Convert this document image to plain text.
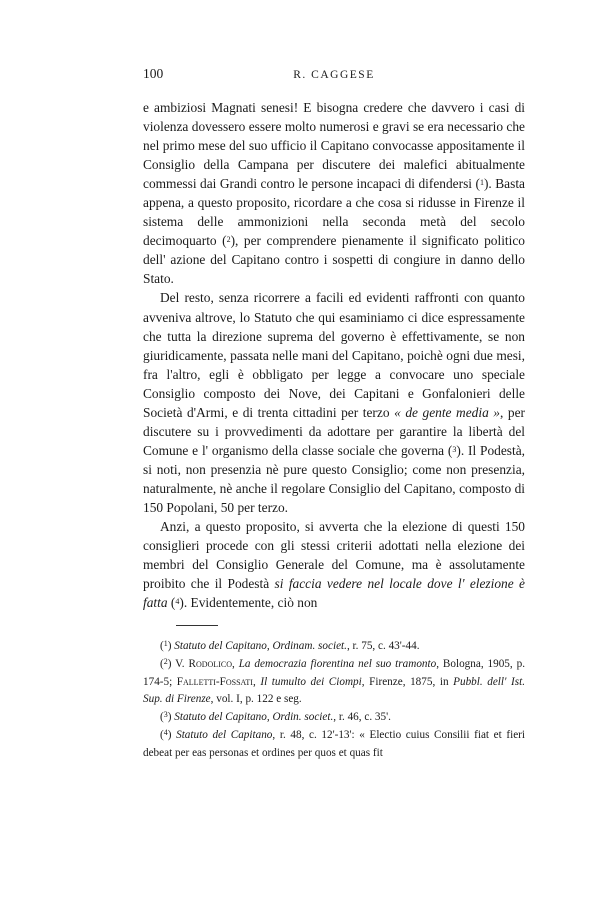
100	R. CAGGESE

e ambiziosi Magnati senesi! E bisogna credere che davvero i casi di violenza dovessero essere molto numerosi e gravi se era necessario che nel primo mese del suo ufficio il Capitano convocasse appositamente il Consiglio della Campana per discutere dei malefici abitualmente commessi dai Grandi contro le persone incapaci di difendersi ($^1$). Basta appena, a questo proposito, ricordare a che cosa si ridusse in Firenze il sistema delle ammonizioni nella seconda metà del secolo decimoquarto ($^2$), per comprendere pienamente il significato politico dell' azione del Capitano contro i sospetti di congiure in danno dello Stato.

Del resto, senza ricorrere a facili ed evidenti raffronti con quanto avveniva altrove, lo Statuto che qui esaminiamo ci dice espressamente che tutta la direzione suprema del governo è effettivamente, se non giuridicamente, passata nelle mani del Capitano, poichè ogni due mesi, fra l'altro, egli è obbligato per legge a convocare uno speciale Consiglio composto dei Nove, dei Capitani e Gonfalonieri delle Società d'Armi, e di trenta cittadini per terzo « de gente media », per discutere su i provvedimenti da adottare per garantire la libertà del Comune e l' organismo della classe sociale che governa ($^3$). Il Podestà, si noti, non presenzia nè pure questo Consiglio; come non presenzia, naturalmente, nè anche il regolare Consiglio del Capitano, composto di 150 Popolani, 50 per terzo.

Anzi, a questo proposito, si avverta che la elezione di questi 150 consiglieri procede con gli stessi criterii adottati nella elezione dei membri del Consiglio Generale del Comune, ma è assolutamente proibito che il Podestà si faccia vedere nel locale dove l' elezione è fatta ($^4$). Evidentemente, ciò non

($^1$) Statuto del Capitano, Ordinam. societ., r. 75, c. 43'-44.

($^2$) V. Rodolico, La democrazia fiorentina nel suo tramonto, Bologna, 1905, p. 174-5; Falletti-Fossati, Il tumulto dei Ciompi, Firenze, 1875, in Pubbl. dell' Ist. Sup. di Firenze, vol. I, p. 122 e seg.

($^3$) Statuto del Capitano, Ordin. societ., r. 46, c. 35'.

($^4$) Statuto del Capitano, r. 48, c. 12'-13': « Electio cuius Consilii fiat et fieri debeat per eas personas et ordines per quos et quas fit
